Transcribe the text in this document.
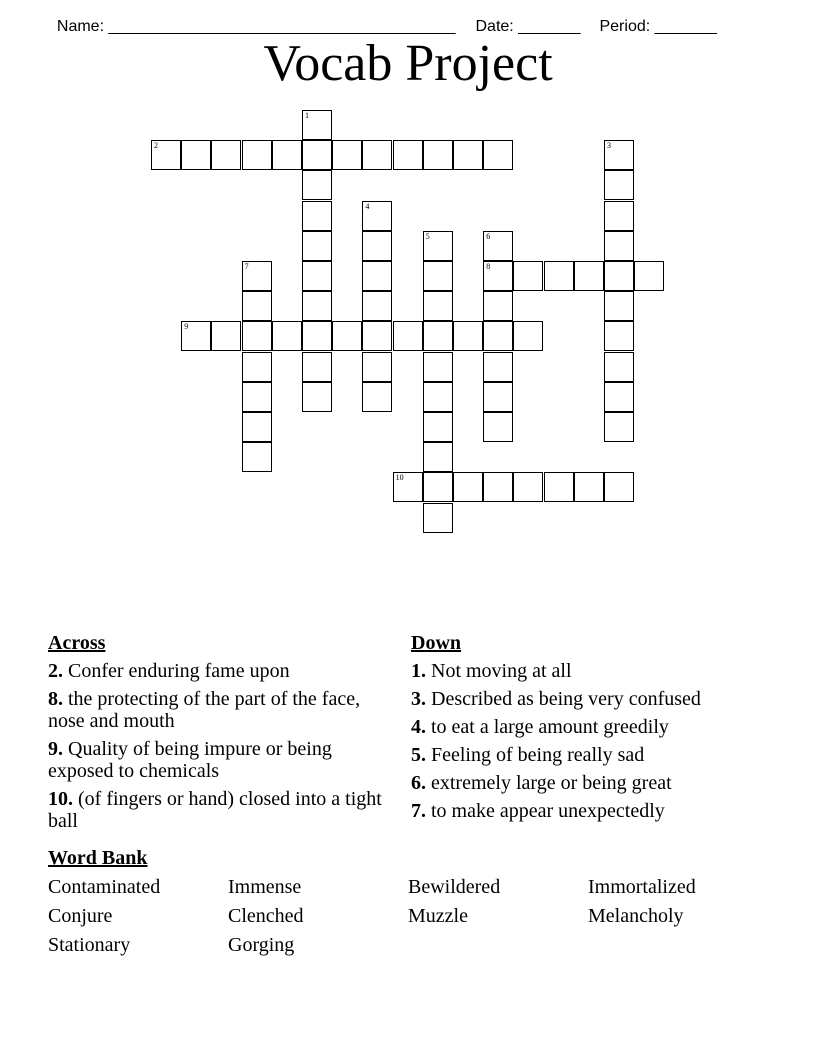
Name: _______________________________________ Date: _______ Period: _______

Vocab Project
1
2	3
4
5	6
8
7
9
10
Across
2. Confer enduring fame upon
8. the protecting of the part of the face, nose and mouth
9. Quality of being impure or being exposed to chemicals
10. (of fingers or hand) closed into a tight ball
Down
1. Not moving at all
3. Described as being very confused
4. to eat a large amount greedily
5. Feeling of being really sad
6. extremely large or being great
7. to make appear unexpectedly
Word Bank
Contaminated	Immense	Bewildered	Immortalized
Conjure	Clenched	Muzzle	Melancholy
Stationary	Gorging
